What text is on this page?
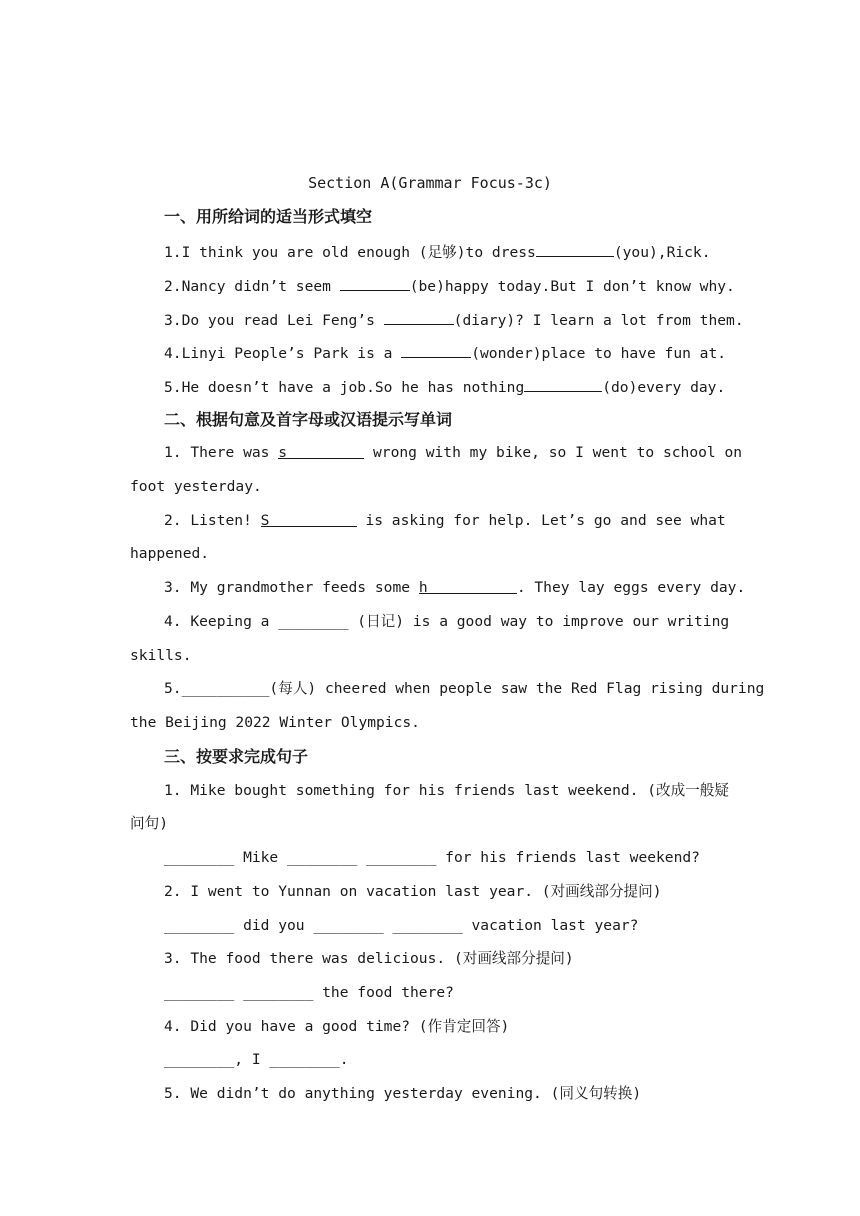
Section A(Grammar Focus-3c)
一、用所给词的适当形式填空
1.I think you are old enough (足够)to dress	(you),Rick.
2.Nancy didn’t seem	(be)happy today.But I don’t know why.
3.Do you read Lei Feng’s	(diary)? I learn a lot from them.
4.Linyi People’s Park is a	(wonder)place to have fun at.
5.He doesn’t have a job.So he has nothing	(do)every day.
二、根据句意及首字母或汉语提示写单词
1. There was s	wrong with my bike, so I went to school on
foot yesterday.
2. Listen! S	is asking for help. Let’s go and see what
happened.
3. My grandmother feeds some h	. They lay eggs every day.
4. Keeping a ________ (日记) is a good way to improve our writing
skills.
5.__________(每人) cheered when people saw the Red Flag rising during
the Beijing 2022 Winter Olympics.
三、按要求完成句子
1. Mike bought something for his friends last weekend. (改成一般疑
问句)
________ Mike ________ ________ for his friends last weekend?
2. I went to Yunnan on vacation last year. (对画线部分提问)
________ did you ________ ________ vacation last year?
3. The food there was delicious. (对画线部分提问)
________ ________ the food there?
4. Did you have a good time? (作肯定回答)
________, I ________.
5. We didn’t do anything yesterday evening. (同义句转换)
